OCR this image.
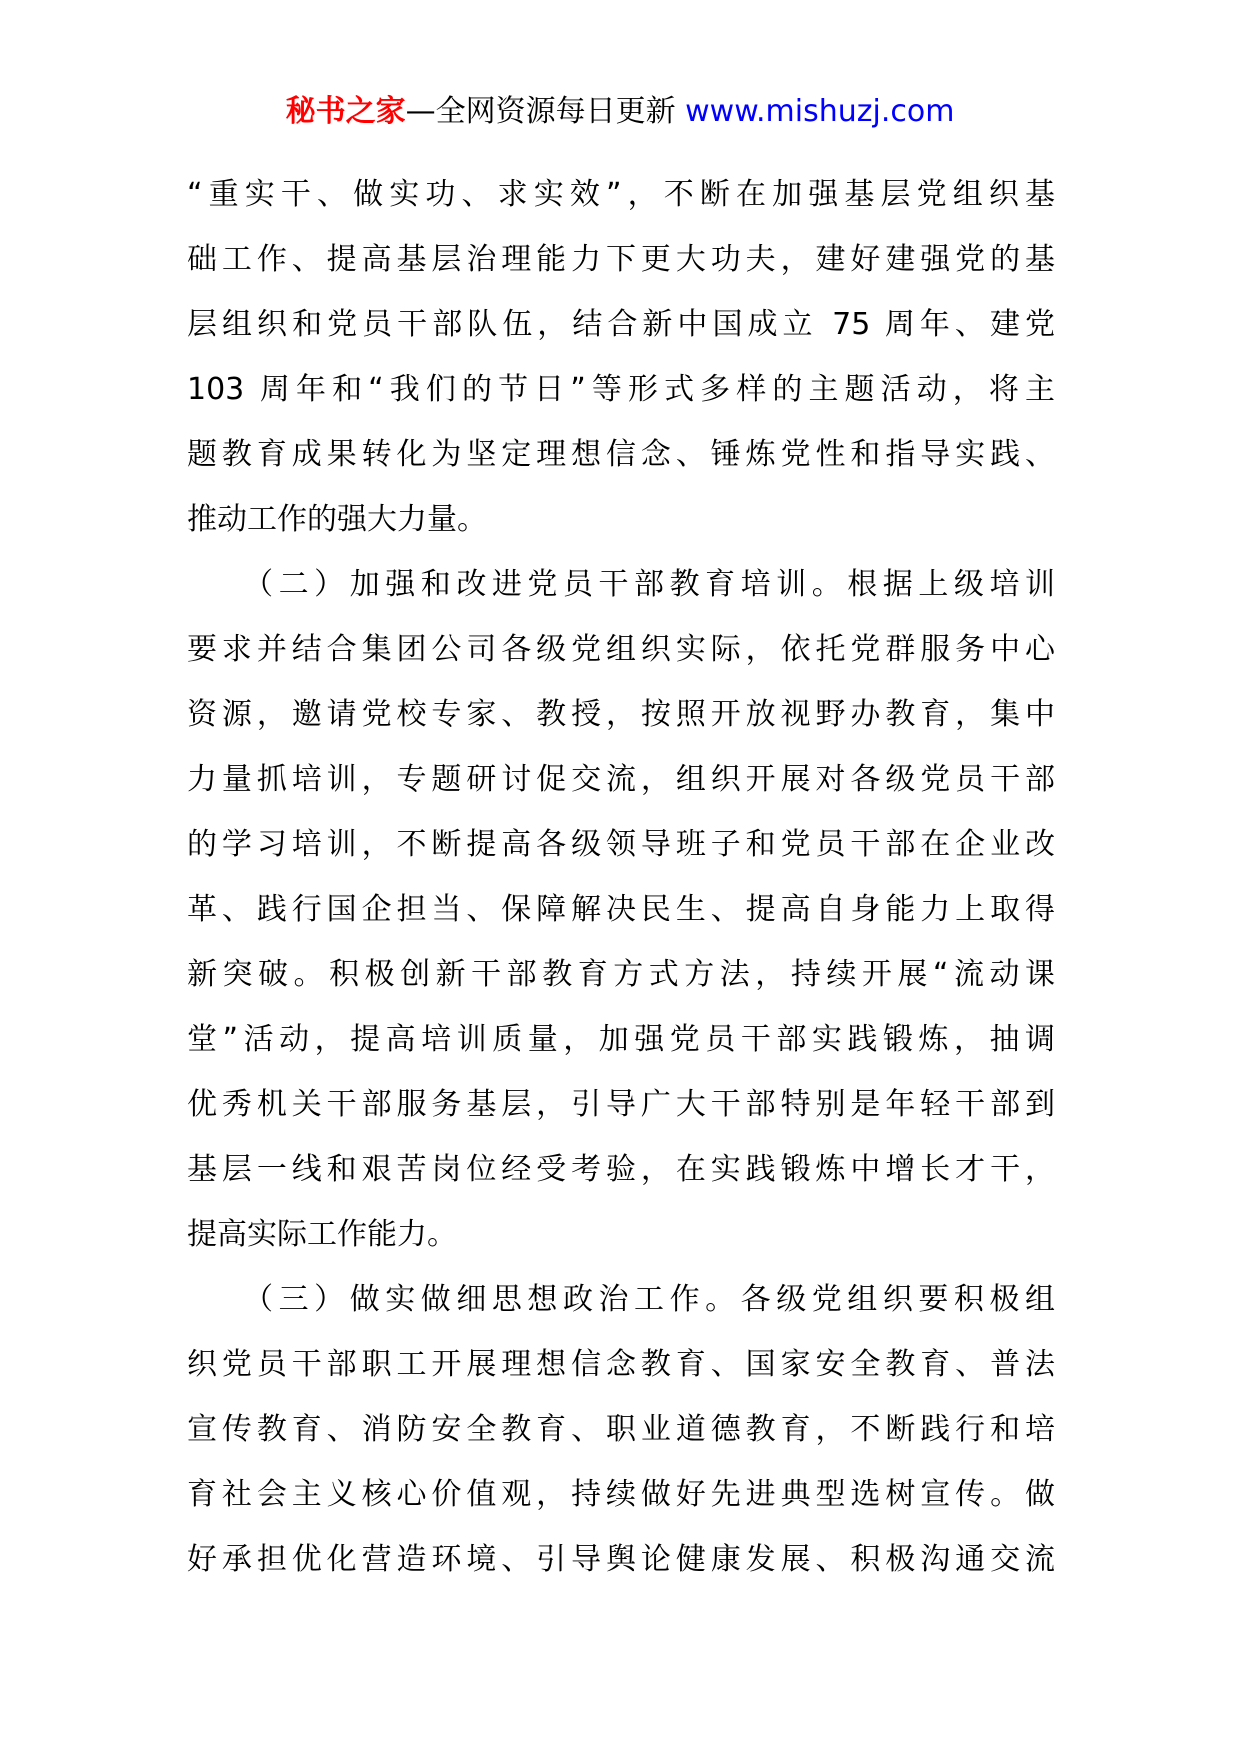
秘书之家—全网资源每日更新 www.mishuzj.com
“重实干、做实功、求实效”，不断在加强基层党组织基
础工作、提高基层治理能力下更大功夫，建好建强党的基
层组织和党员干部队伍，结合新中国成立 75 周年、建党
103 周年和“我们的节日”等形式多样的主题活动，将主
题教育成果转化为坚定理想信念、锤炼党性和指导实践、
推动工作的强大力量。
　　（二）加强和改进党员干部教育培训。根据上级培训
要求并结合集团公司各级党组织实际，依托党群服务中心
资源，邀请党校专家、教授，按照开放视野办教育，集中
力量抓培训，专题研讨促交流，组织开展对各级党员干部
的学习培训，不断提高各级领导班子和党员干部在企业改
革、践行国企担当、保障解决民生、提高自身能力上取得
新突破。积极创新干部教育方式方法，持续开展“流动课
堂”活动，提高培训质量，加强党员干部实践锻炼，抽调
优秀机关干部服务基层，引导广大干部特别是年轻干部到
基层一线和艰苦岗位经受考验，在实践锻炼中增长才干，
提高实际工作能力。
　　（三）做实做细思想政治工作。各级党组织要积极组
织党员干部职工开展理想信念教育、国家安全教育、普法
宣传教育、消防安全教育、职业道德教育，不断践行和培
育社会主义核心价值观，持续做好先进典型选树宣传。做
好承担优化营造环境、引导舆论健康发展、积极沟通交流
